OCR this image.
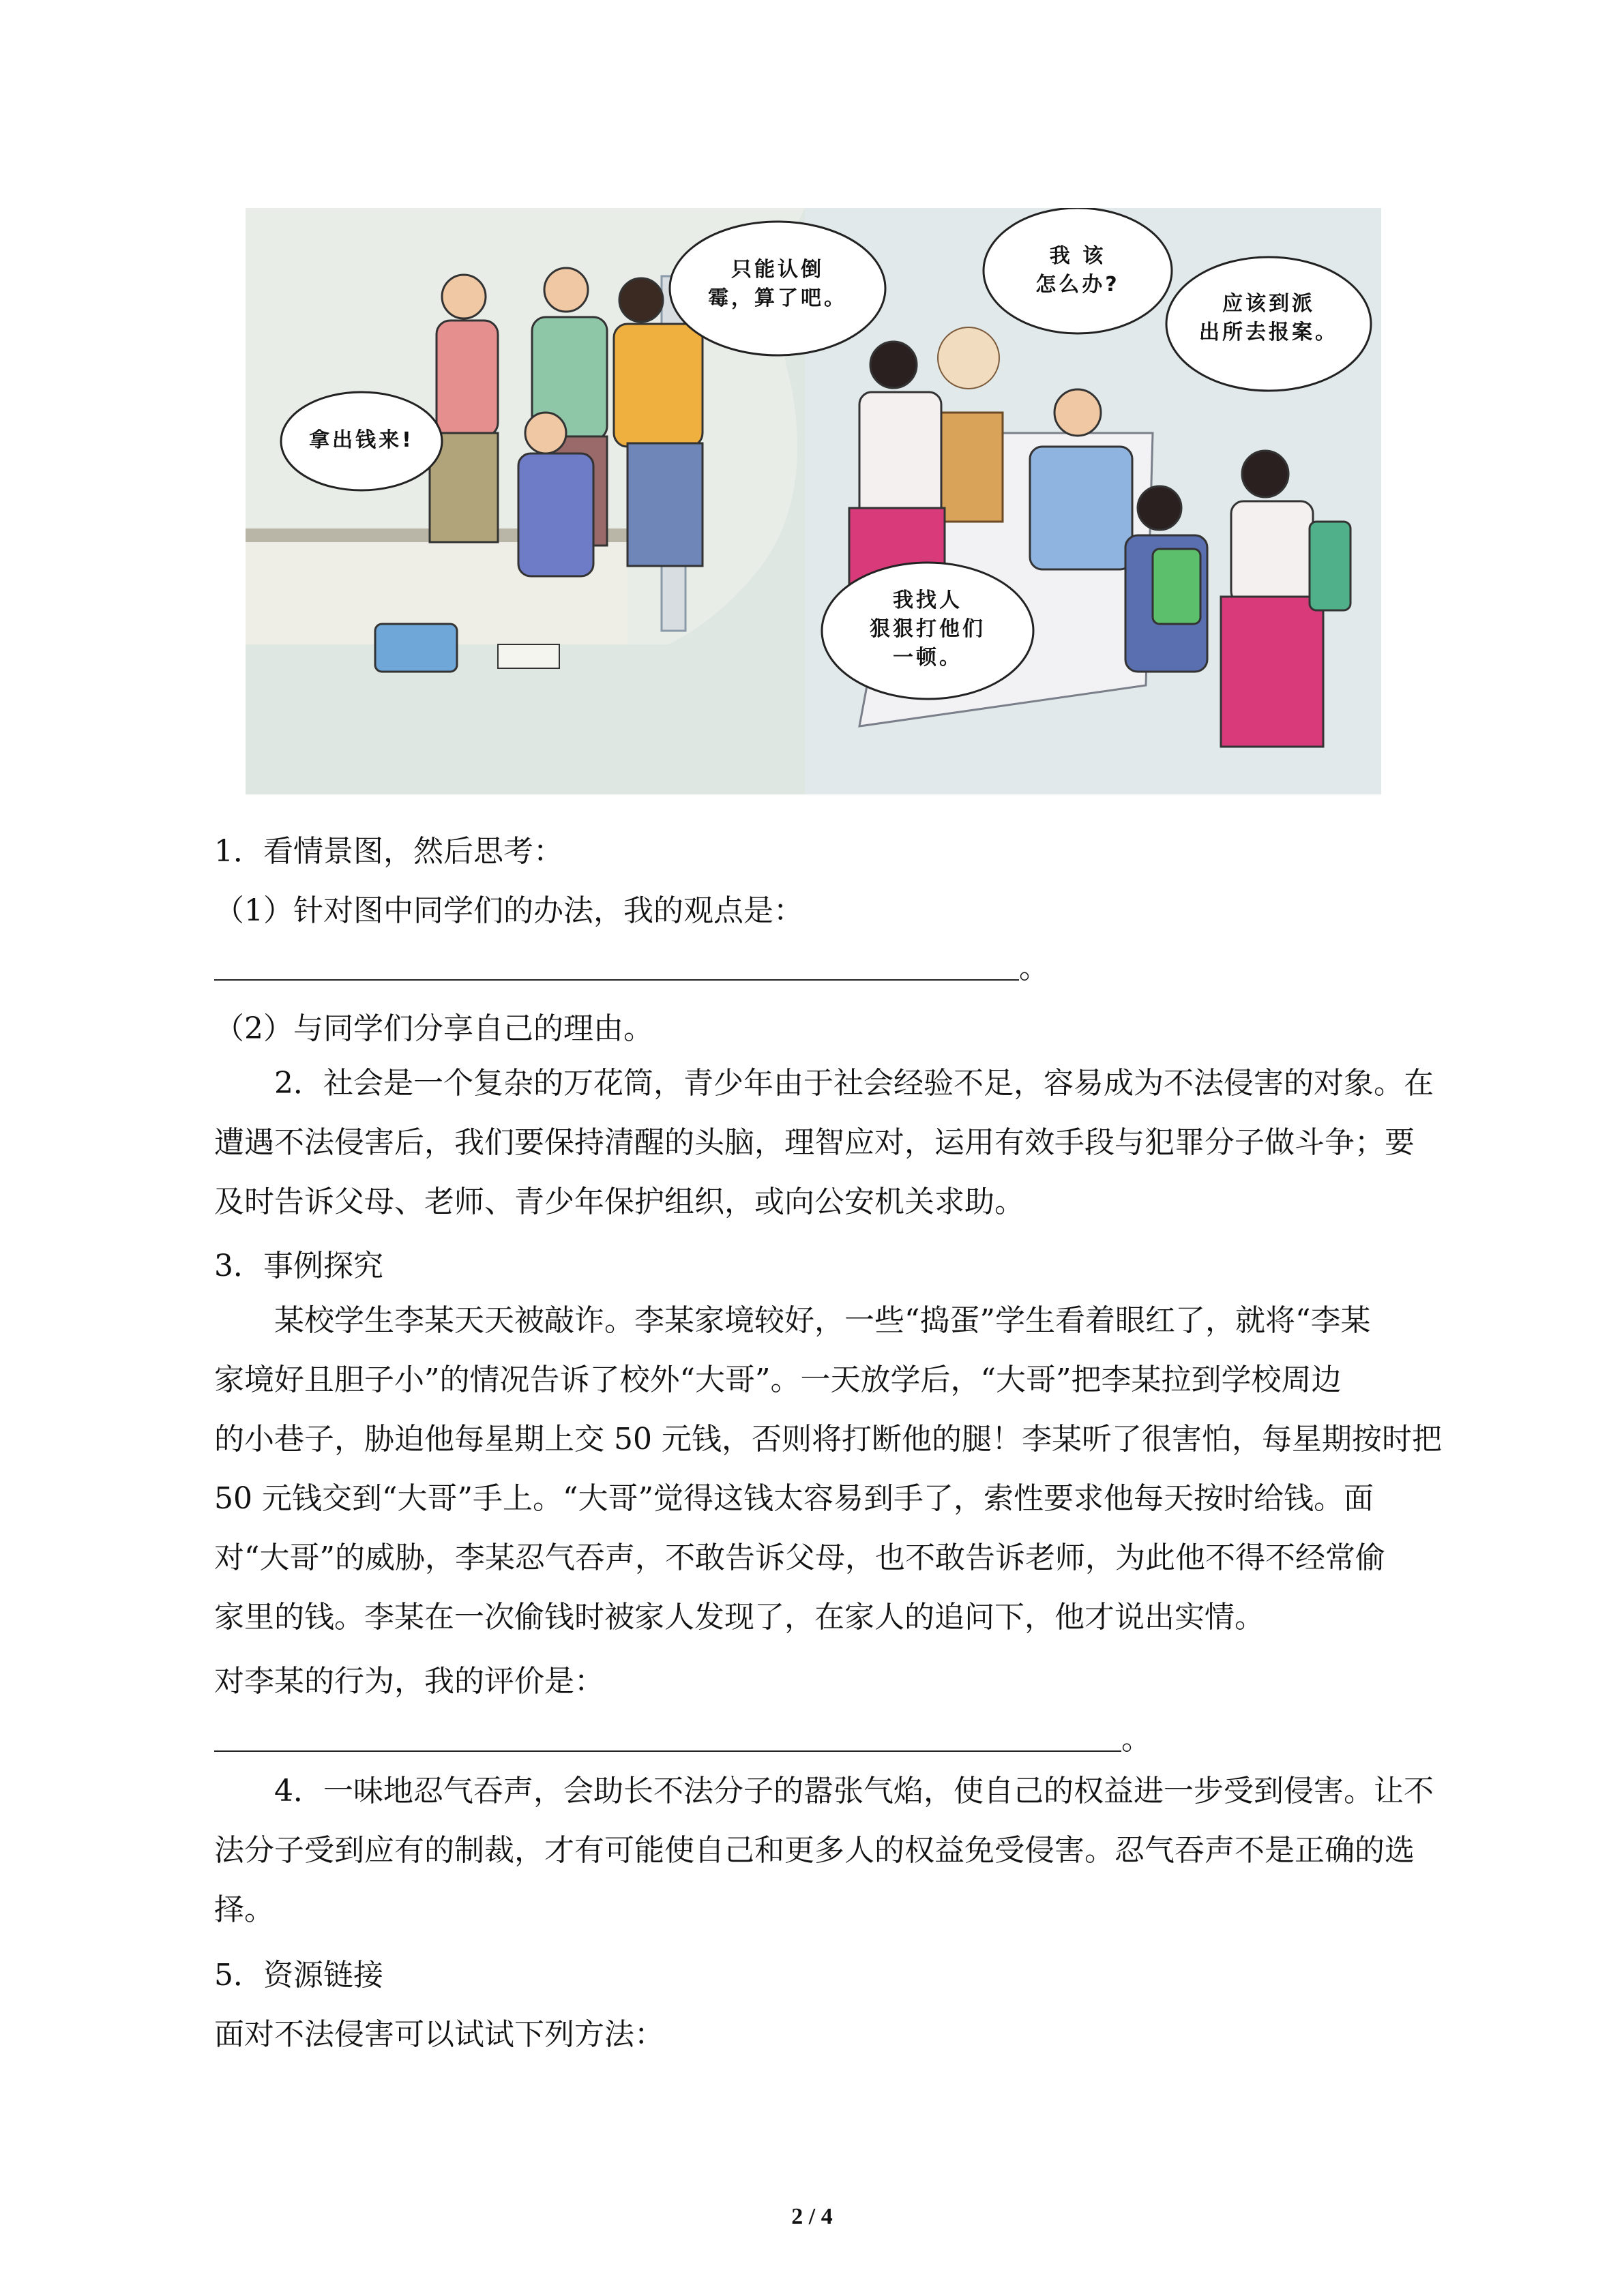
拿出钱来!
只能认倒
霉，算了吧。
我 该
怎么办?
应该到派
出所去报案。
我找人
狠狠打他们
一顿。
1．看情景图，然后思考：
（1）针对图中同学们的办法，我的观点是：
。
（2）与同学们分享自己的理由。
2．社会是一个复杂的万花筒，青少年由于社会经验不足，容易成为不法侵害的对象。在
遭遇不法侵害后，我们要保持清醒的头脑，理智应对，运用有效手段与犯罪分子做斗争；要
及时告诉父母、老师、青少年保护组织，或向公安机关求助。
3．事例探究
某校学生李某天天被敲诈。李某家境较好，一些“捣蛋”学生看着眼红了，就将“李某
家境好且胆子小”的情况告诉了校外“大哥”。一天放学后，“大哥”把李某拉到学校周边
的小巷子，胁迫他每星期上交 50 元钱，否则将打断他的腿！李某听了很害怕，每星期按时把
50 元钱交到“大哥”手上。“大哥”觉得这钱太容易到手了，索性要求他每天按时给钱。面
对“大哥”的威胁，李某忍气吞声，不敢告诉父母，也不敢告诉老师，为此他不得不经常偷
家里的钱。李某在一次偷钱时被家人发现了，在家人的追问下，他才说出实情。
对李某的行为，我的评价是：
。
4．一味地忍气吞声，会助长不法分子的嚣张气焰，使自己的权益进一步受到侵害。让不
法分子受到应有的制裁，才有可能使自己和更多人的权益免受侵害。忍气吞声不是正确的选
择。
5．资源链接
面对不法侵害可以试试下列方法：
2 / 4
